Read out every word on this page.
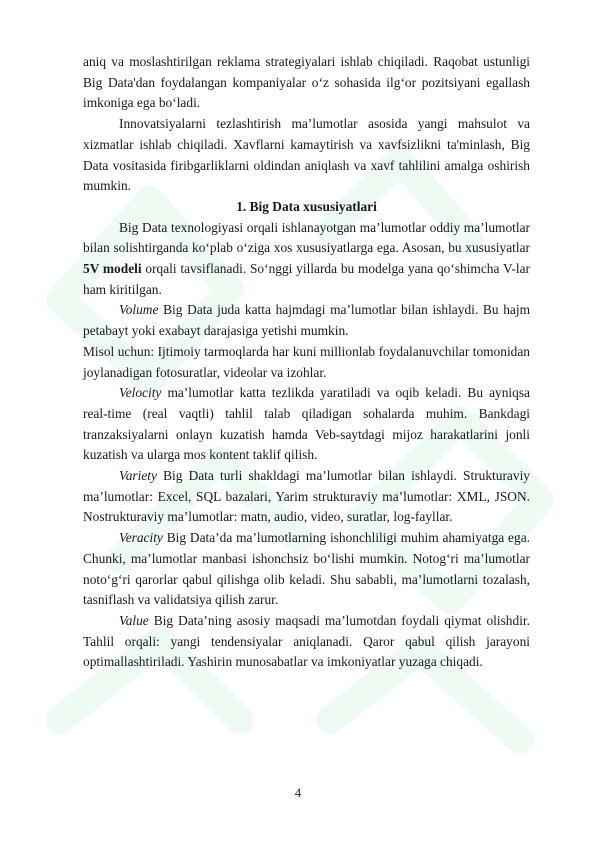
aniq va moslashtirilgan reklama strategiyalari ishlab chiqiladi. Raqobat ustunligi Big Data'dan foydalangan kompaniyalar o‘z sohasida ilg‘or pozitsiyani egallash imkoniga ega bo‘ladi.

Innovatsiyalarni tezlashtirish ma’lumotlar asosida yangi mahsulot va xizmatlar ishlab chiqiladi. Xavflarni kamaytirish va xavfsizlikni ta'minlash, Big Data vositasida firibgarliklarni oldindan aniqlash va xavf tahlilini amalga oshirish mumkin.

1. Big Data xususiyatlari

Big Data texnologiyasi orqali ishlanayotgan ma’lumotlar oddiy ma’lumotlar bilan solishtirganda ko‘plab o‘ziga xos xususiyatlarga ega. Asosan, bu xususiyatlar 5V modeli orqali tavsiflanadi. So‘nggi yillarda bu modelga yana qo‘shimcha V-lar ham kiritilgan.

Volume Big Data juda katta hajmdagi ma’lumotlar bilan ishlaydi. Bu hajm petabayt yoki exabayt darajasiga yetishi mumkin.

Misol uchun: Ijtimoiy tarmoqlarda har kuni millionlab foydalanuvchilar tomonidan joylanadigan fotosuratlar, videolar va izohlar.

Velocity ma’lumotlar katta tezlikda yaratiladi va oqib keladi. Bu ayniqsa real-time (real vaqtli) tahlil talab qiladigan sohalarda muhim. Bankdagi tranzaksiyalarni onlayn kuzatish hamda Veb-saytdagi mijoz harakatlarini jonli kuzatish va ularga mos kontent taklif qilish.

Variety Big Data turli shakldagi ma’lumotlar bilan ishlaydi. Strukturaviy ma’lumotlar: Excel, SQL bazalari, Yarim strukturaviy ma’lumotlar: XML, JSON. Nostrukturaviy ma’lumotlar: matn, audio, video, suratlar, log-fayllar.

Veracity Big Data’da ma’lumotlarning ishonchliligi muhim ahamiyatga ega. Chunki, ma’lumotlar manbasi ishonchsiz bo‘lishi mumkin. Notog‘ri ma’lumotlar noto‘g‘ri qarorlar qabul qilishga olib keladi. Shu sababli, ma’lumotlarni tozalash, tasniflash va validatsiya qilish zarur.

Value Big Data’ning asosiy maqsadi ma’lumotdan foydali qiymat olishdir. Tahlil orqali: yangi tendensiyalar aniqlanadi. Qaror qabul qilish jarayoni optimallashtiriladi. Yashirin munosabatlar va imkoniyatlar yuzaga chiqadi.

4
